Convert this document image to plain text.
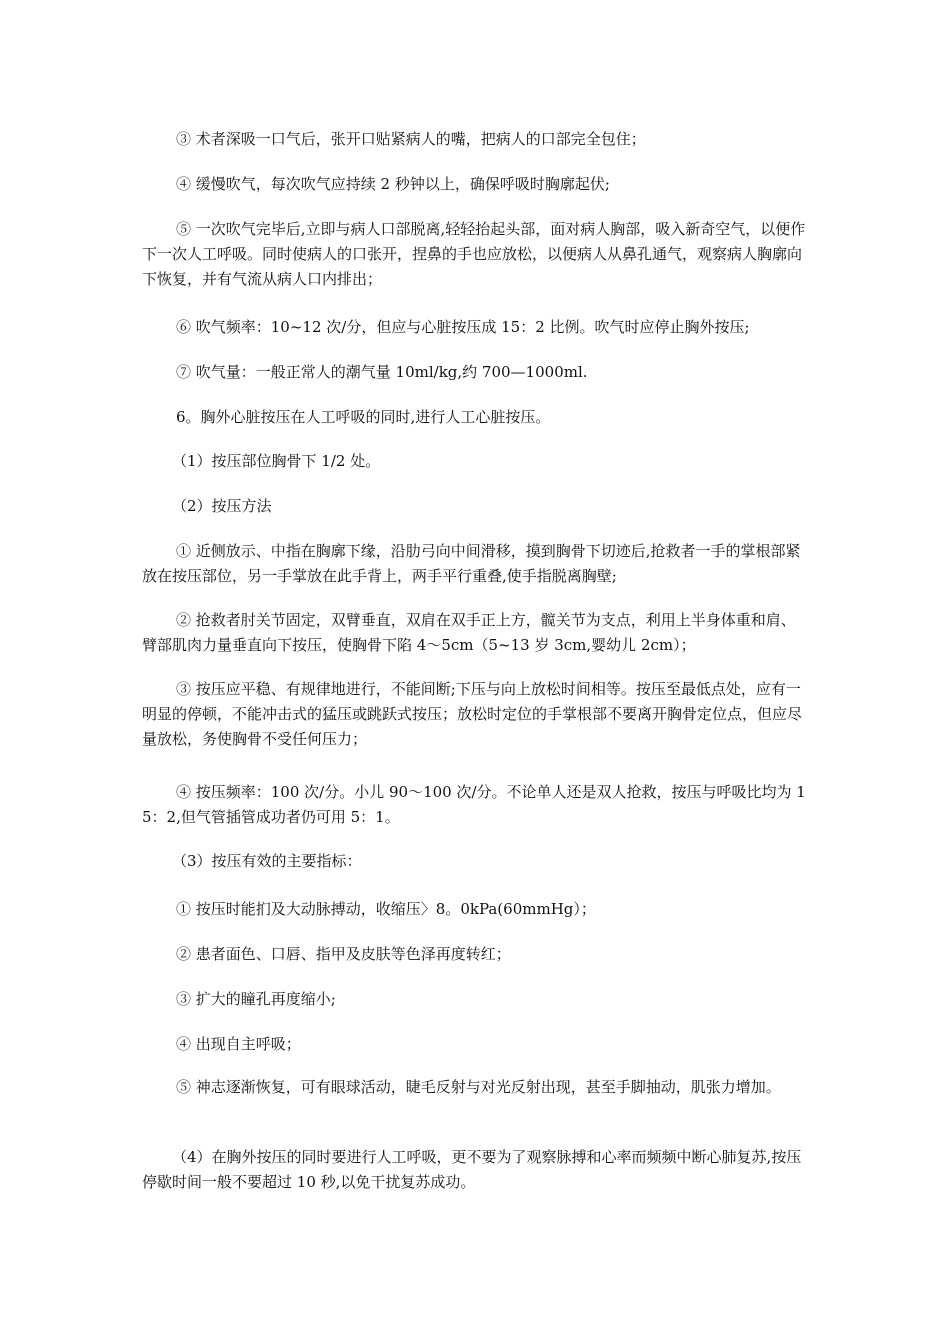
③ 术者深吸一口气后，张开口贴紧病人的嘴，把病人的口部完全包住；

④ 缓慢吹气，每次吹气应持续 2 秒钟以上，确保呼吸时胸廓起伏;

⑤ 一次吹气完毕后,立即与病人口部脱离,轻轻抬起头部，面对病人胸部，吸入新奇空气，以便作下一次人工呼吸。同时使病人的口张开，捏鼻的手也应放松，以便病人从鼻孔通气，观察病人胸廓向下恢复，并有气流从病人口内排出；

⑥ 吹气频率：10~12 次/分，但应与心脏按压成 15：2 比例。吹气时应停止胸外按压;

⑦ 吹气量：一般正常人的潮气量 10ml/kg,约 700—1000ml.

6。胸外心脏按压在人工呼吸的同时,进行人工心脏按压。

（1）按压部位胸骨下 1/2 处。

（2）按压方法

① 近侧放示、中指在胸廓下缘，沿肋弓向中间滑移，摸到胸骨下切迹后,抢救者一手的掌根部紧放在按压部位，另一手掌放在此手背上，两手平行重叠,使手指脱离胸壁;

② 抢救者肘关节固定，双臂垂直，双肩在双手正上方，髋关节为支点，利用上半身体重和肩、臂部肌肉力量垂直向下按压，使胸骨下陷 4～5cm（5~13 岁 3cm,婴幼儿 2cm）；

③ 按压应平稳、有规律地进行，不能间断;下压与向上放松时间相等。按压至最低点处，应有一明显的停顿，不能冲击式的猛压或跳跃式按压；放松时定位的手掌根部不要离开胸骨定位点，但应尽量放松，务使胸骨不受任何压力；

④ 按压频率：100 次/分。小儿 90～100 次/分。不论单人还是双人抢救，按压与呼吸比均为 15：2,但气管插管成功者仍可用 5：1。

（3）按压有效的主要指标：

① 按压时能扪及大动脉搏动，收缩压〉8。0kPa(60mmHg）；

② 患者面色、口唇、指甲及皮肤等色泽再度转红；

③ 扩大的瞳孔再度缩小;

④ 出现自主呼吸；

⑤ 神志逐渐恢复，可有眼球活动，睫毛反射与对光反射出现，甚至手脚抽动，肌张力增加。

（4）在胸外按压的同时要进行人工呼吸，更不要为了观察脉搏和心率而频频中断心肺复苏,按压停歇时间一般不要超过 10 秒,以免干扰复苏成功。
